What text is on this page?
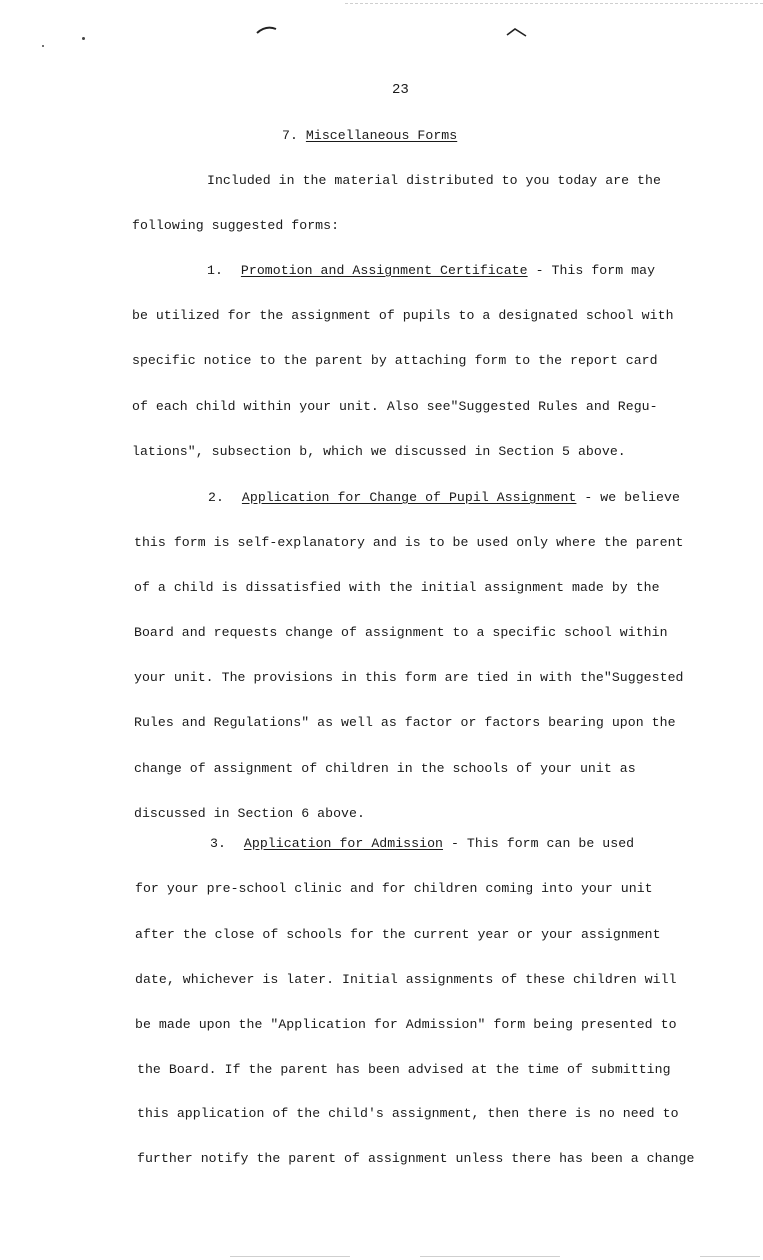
23
7. Miscellaneous Forms
Included in the material distributed to you today are the
following suggested forms:
1. Promotion and Assignment Certificate - This form may
be utilized for the assignment of pupils to a designated school with
specific notice to the parent by attaching form to the report card
of each child within your unit. Also see"Suggested Rules and Regu-
lations", subsection b, which we discussed in Section 5 above.
2. Application for Change of Pupil Assignment - we believe
this form is self-explanatory and is to be used only where the parent
of a child is dissatisfied with the initial assignment made by the
Board and requests change of assignment to a specific school within
your unit. The provisions in this form are tied in with the"Suggested
Rules and Regulations" as well as factor or factors bearing upon the
change of assignment of children in the schools of your unit as
discussed in Section 6 above.
3. Application for Admission - This form can be used
for your pre-school clinic and for children coming into your unit
after the close of schools for the current year or your assignment
date, whichever is later. Initial assignments of these children will
be made upon the "Application for Admission" form being presented to
the Board. If the parent has been advised at the time of submitting
this application of the child's assignment, then there is no need to
further notify the parent of assignment unless there has been a change
